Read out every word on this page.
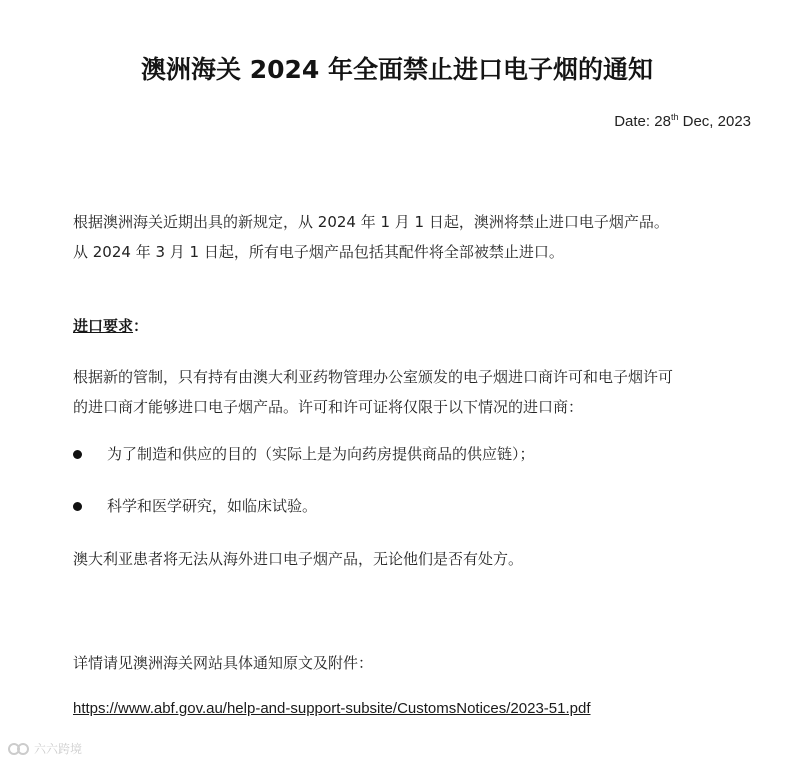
澳洲海关 2024 年全面禁止进口电子烟的通知
Date: 28th Dec, 2023
根据澳洲海关近期出具的新规定，从 2024 年 1 月 1 日起，澳洲将禁止进口电子烟产品。
从 2024 年 3 月 1 日起，所有电子烟产品包括其配件将全部被禁止进口。
进口要求：
根据新的管制，只有持有由澳大利亚药物管理办公室颁发的电子烟进口商许可和电子烟许可
的进口商才能够进口电子烟产品。许可和许可证将仅限于以下情况的进口商：
为了制造和供应的目的（实际上是为向药房提供商品的供应链）；
科学和医学研究，如临床试验。
澳大利亚患者将无法从海外进口电子烟产品，无论他们是否有处方。
详情请见澳洲海关网站具体通知原文及附件：
https://www.abf.gov.au/help-and-support-subsite/CustomsNotices/2023-51.pdf
六六跨境
